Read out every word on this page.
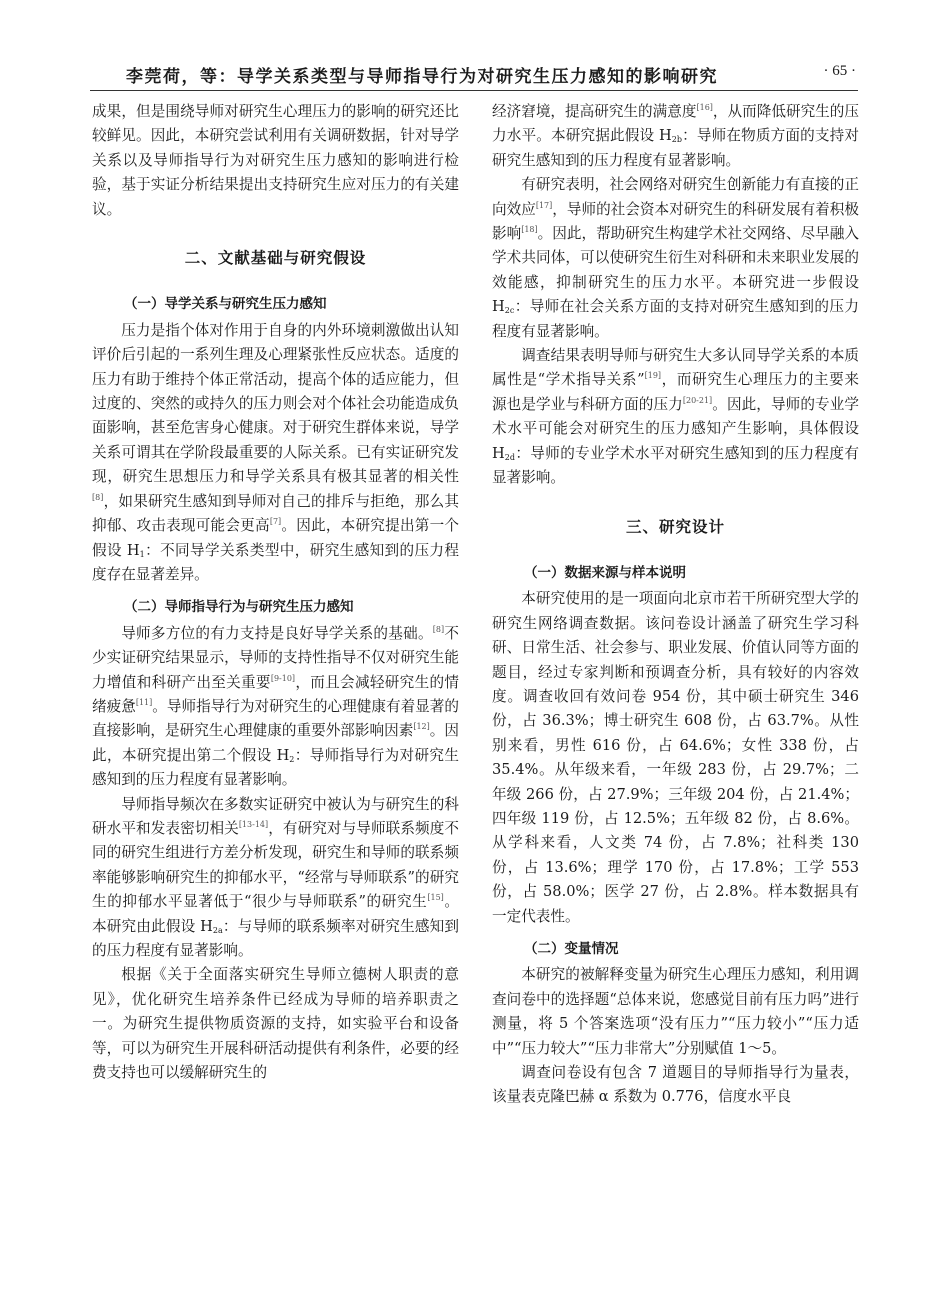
李莞荷，等：导学关系类型与导师指导行为对研究生压力感知的影响研究	· 65 ·

成果，但是围绕导师对研究生心理压力的影响的研究还比较鲜见。因此，本研究尝试利用有关调研数据，针对导学关系以及导师指导行为对研究生压力感知的影响进行检验，基于实证分析结果提出支持研究生应对压力的有关建议。

二、文献基础与研究假设
（一）导学关系与研究生压力感知

压力是指个体对作用于自身的内外环境刺激做出认知评价后引起的一系列生理及心理紧张性反应状态。适度的压力有助于维持个体正常活动，提高个体的适应能力，但过度的、突然的或持久的压力则会对个体社会功能造成负面影响，甚至危害身心健康。对于研究生群体来说，导学关系可谓其在学阶段最重要的人际关系。已有实证研究发现，研究生思想压力和导学关系具有极其显著的相关性[8]，如果研究生感知到导师对自己的排斥与拒绝，那么其抑郁、攻击表现可能会更高[7]。因此，本研究提出第一个假设 $H_1$：不同导学关系类型中，研究生感知到的压力程度存在显著差异。

（二）导师指导行为与研究生压力感知

导师多方位的有力支持是良好导学关系的基础。[8]不少实证研究结果显示，导师的支持性指导不仅对研究生能力增值和科研产出至关重要[9-10]，而且会减轻研究生的情绪疲惫[11]。导师指导行为对研究生的心理健康有着显著的直接影响，是研究生心理健康的重要外部影响因素[12]。因此，本研究提出第二个假设 $H_2$：导师指导行为对研究生感知到的压力程度有显著影响。

导师指导频次在多数实证研究中被认为与研究生的科研水平和发表密切相关[13-14]，有研究对与导师联系频度不同的研究生组进行方差分析发现，研究生和导师的联系频率能够影响研究生的抑郁水平，“经常与导师联系”的研究生的抑郁水平显著低于“很少与导师联系”的研究生[15]。本研究由此假设 $H_{2a}$：与导师的联系频率对研究生感知到的压力程度有显著影响。

根据《关于全面落实研究生导师立德树人职责的意见》，优化研究生培养条件已经成为导师的培养职责之一。为研究生提供物质资源的支持，如实验平台和设备等，可以为研究生开展科研活动提供有利条件，必要的经费支持也可以缓解研究生的

经济窘境，提高研究生的满意度[16]，从而降低研究生的压力水平。本研究据此假设 $H_{2b}$：导师在物质方面的支持对研究生感知到的压力程度有显著影响。

有研究表明，社会网络对研究生创新能力有直接的正向效应[17]，导师的社会资本对研究生的科研发展有着积极影响[18]。因此，帮助研究生构建学术社交网络、尽早融入学术共同体，可以使研究生衍生对科研和未来职业发展的效能感，抑制研究生的压力水平。本研究进一步假设 $H_{2c}$：导师在社会关系方面的支持对研究生感知到的压力程度有显著影响。

调查结果表明导师与研究生大多认同导学关系的本质属性是“学术指导关系”[19]，而研究生心理压力的主要来源也是学业与科研方面的压力[20-21]。因此，导师的专业学术水平可能会对研究生的压力感知产生影响，具体假设 $H_{2d}$：导师的专业学术水平对研究生感知到的压力程度有显著影响。

三、研究设计
（一）数据来源与样本说明

本研究使用的是一项面向北京市若干所研究型大学的研究生网络调查数据。该问卷设计涵盖了研究生学习科研、日常生活、社会参与、职业发展、价值认同等方面的题目，经过专家判断和预调查分析，具有较好的内容效度。调查收回有效问卷 954 份，其中硕士研究生 346 份，占 36.3%；博士研究生 608 份，占 63.7%。从性别来看，男性 616 份，占 64.6%；女性 338 份，占 35.4%。从年级来看，一年级 283 份，占 29.7%；二年级 266 份，占 27.9%；三年级 204 份，占 21.4%；四年级 119 份，占 12.5%；五年级 82 份，占 8.6%。从学科来看，人文类 74 份，占 7.8%；社科类 130 份，占 13.6%；理学 170 份，占 17.8%；工学 553 份，占 58.0%；医学 27 份，占 2.8%。样本数据具有一定代表性。

（二）变量情况

本研究的被解释变量为研究生心理压力感知，利用调查问卷中的选择题“总体来说，您感觉目前有压力吗”进行测量，将 5 个答案选项“没有压力”“压力较小”“压力适中”“压力较大”“压力非常大”分别赋值 1～5。

调查问卷设有包含 7 道题目的导师指导行为量表，该量表克隆巴赫 α 系数为 0.776，信度水平良
